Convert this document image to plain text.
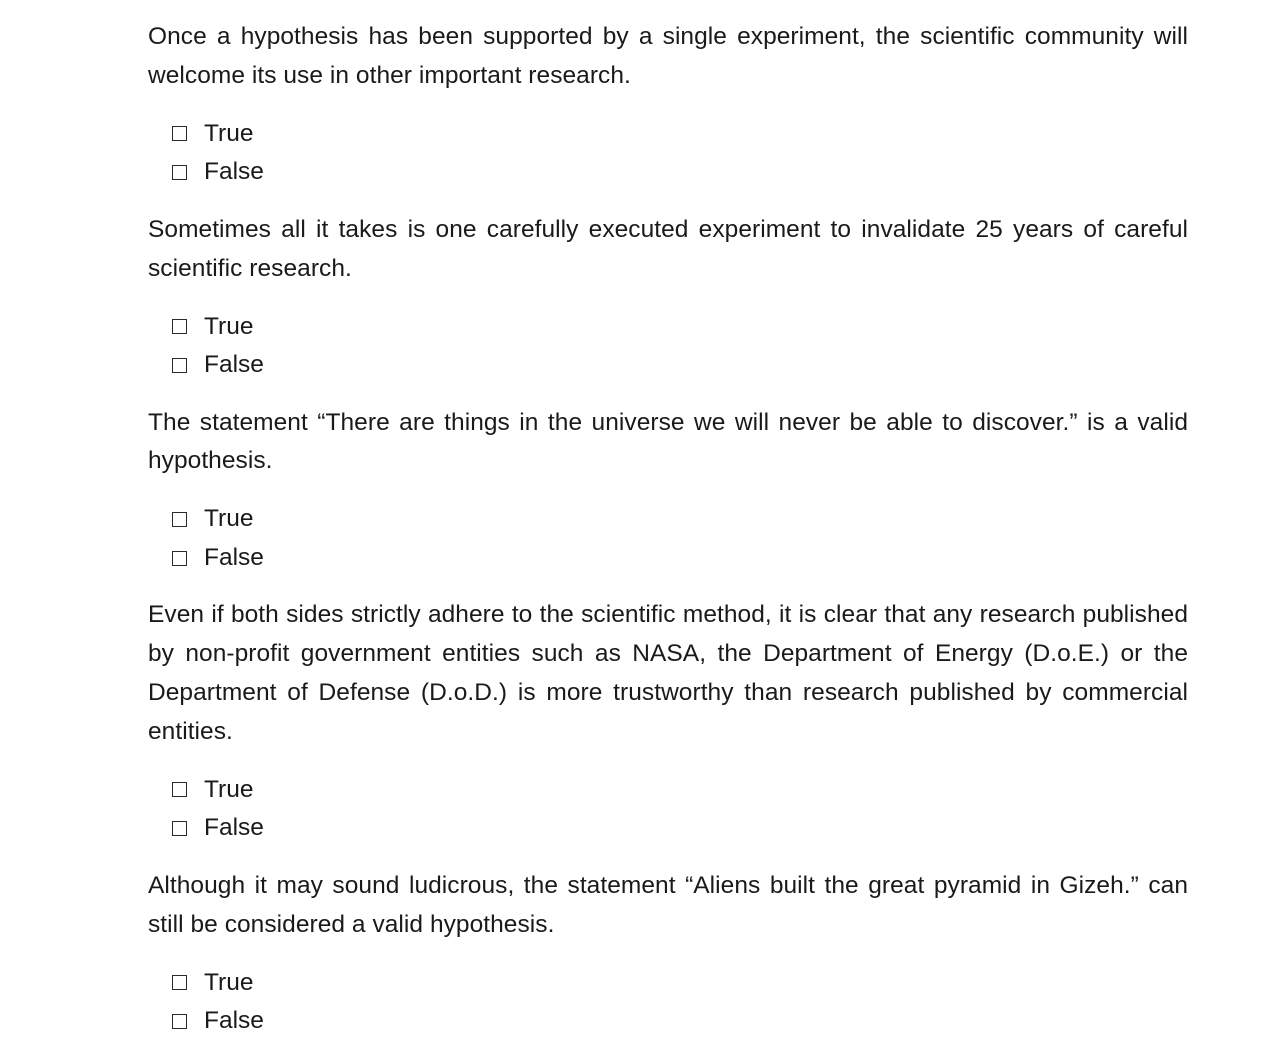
Once a hypothesis has been supported by a single experiment, the scientific community will welcome its use in other important research.

True
False

Sometimes all it takes is one carefully executed experiment to invalidate 25 years of careful scientific research.

True
False

The statement “There are things in the universe we will never be able to discover.” is a valid hypothesis.

True
False

Even if both sides strictly adhere to the scientific method, it is clear that any research published by non-profit government entities such as NASA, the Department of Energy (D.o.E.) or the Department of Defense (D.o.D.) is more trustworthy than research published by commercial entities.

True
False

Although it may sound ludicrous, the statement “Aliens built the great pyramid in Gizeh.” can still be considered a valid hypothesis.

True
False
